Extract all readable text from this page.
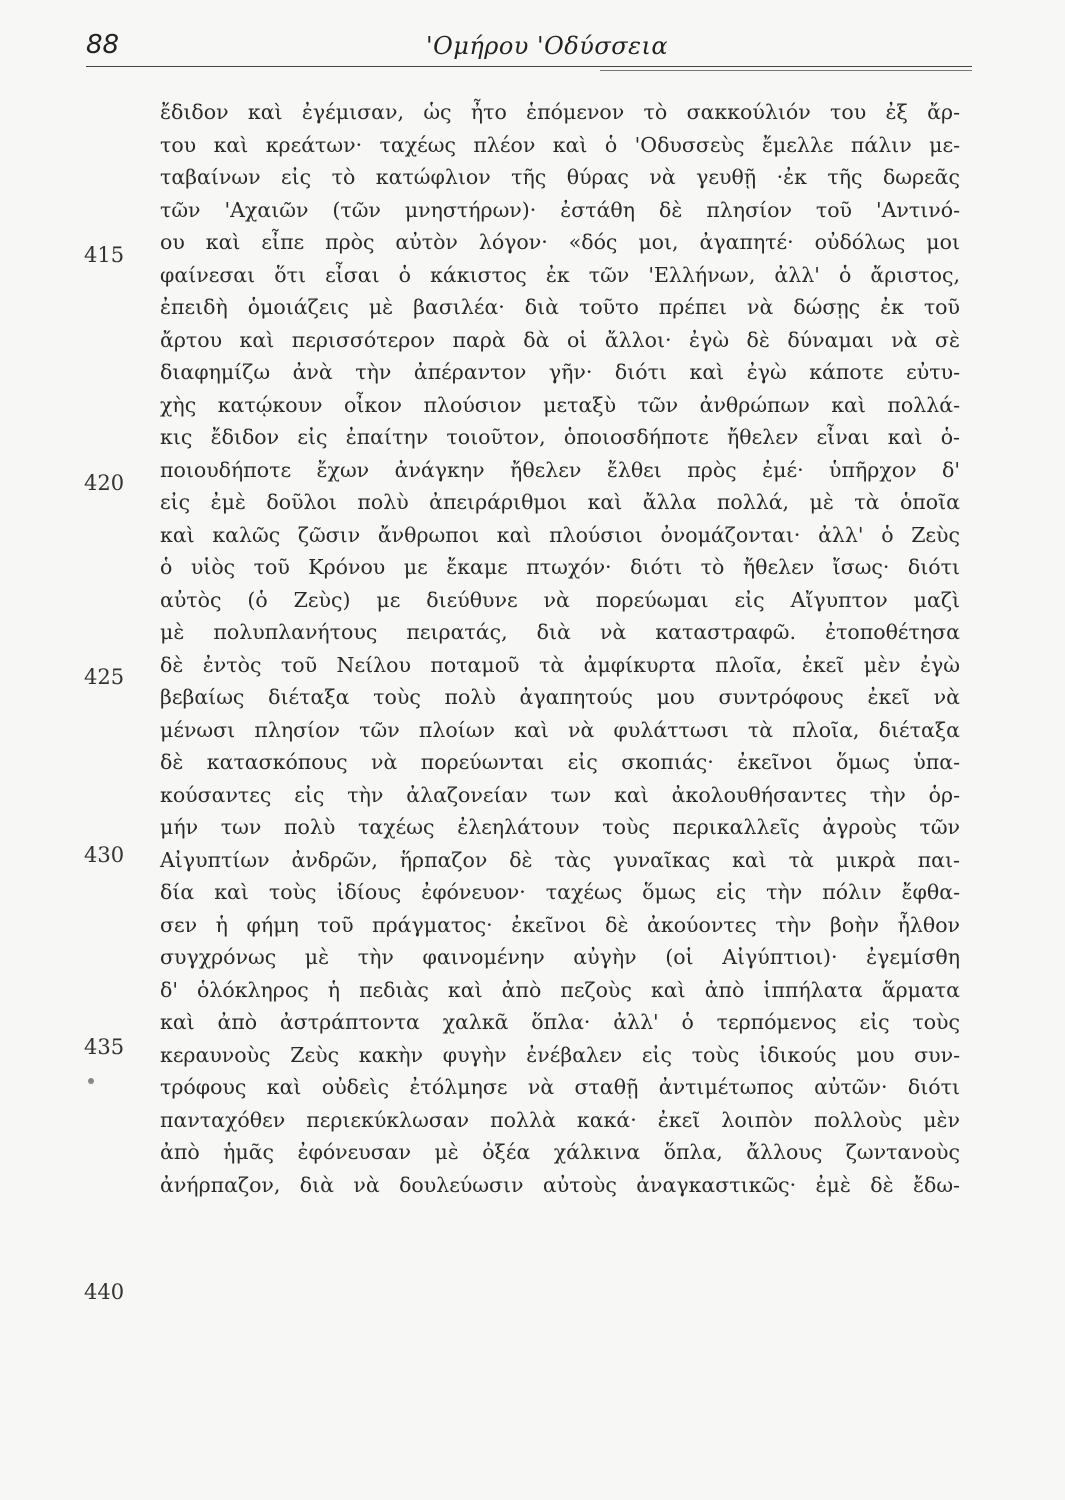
88	'Ομήρου 'Οδύσσεια
415
420
425
430
435
440
ἔδιδον καὶ ἐγέμισαν, ὡς ἦτο ἑπόμενον τὸ σακκούλιόν του ἐξ ἄρ-
του καὶ κρεάτων· ταχέως πλέον καὶ ὁ 'Οδυσσεὺς ἔμελλε πάλιν με-
ταβαίνων εἰς τὸ κατώφλιον τῆς θύρας νὰ γευθῇ ·ἐκ τῆς δωρεᾶς
τῶν 'Αχαιῶν (τῶν μνηστήρων)· ἐστάθη δὲ πλησίον τοῦ 'Αντινό-
ου καὶ εἶπε πρὸς αὐτὸν λόγον· «δός μοι, ἀγαπητέ· οὐδόλως μοι
φαίνεσαι ὅτι εἶσαι ὁ κάκιστος ἐκ τῶν 'Ελλήνων, ἀλλ' ὁ ἄριστος,
ἐπειδὴ ὁμοιάζεις μὲ βασιλέα· διὰ τοῦτο πρέπει νὰ δώσῃς ἐκ τοῦ
ἄρτου καὶ περισσότερον παρὰ δὰ οἱ ἄλλοι· ἐγὼ δὲ δύναμαι νὰ σὲ
διαφημίζω ἀνὰ τὴν ἀπέραντον γῆν· διότι καὶ ἐγὼ κάποτε εὐτυ-
χὴς κατῴκουν οἶκον πλούσιον μεταξὺ τῶν ἀνθρώπων καὶ πολλά-
κις ἔδιδον εἰς ἐπαίτην τοιοῦτον, ὁποιοσδήποτε ἤθελεν εἶναι καὶ ὁ-
ποιουδήποτε ἔχων ἀνάγκην ἤθελεν ἔλθει πρὸς ἐμέ· ὑπῆρχον δ'
εἰς ἐμὲ δοῦλοι πολὺ ἀπειράριθμοι καὶ ἄλλα πολλά, μὲ τὰ ὁποῖα
καὶ καλῶς ζῶσιν ἄνθρωποι καὶ πλούσιοι ὀνομάζονται· ἀλλ' ὁ Ζεὺς
ὁ υἱὸς τοῦ Κρόνου με ἔκαμε πτωχόν· διότι τὸ ἤθελεν ἴσως· διότι
αὐτὸς (ὁ Ζεὺς) με διεύθυνε νὰ πορεύωμαι εἰς Αἴγυπτον μαζὶ
μὲ πολυπλανήτους πειρατάς, διὰ νὰ καταστραφῶ. ἐτοποθέτησα
δὲ ἐντὸς τοῦ Νείλου ποταμοῦ τὰ ἀμφίκυρτα πλοῖα, ἐκεῖ μὲν ἐγὼ
βεβαίως διέταξα τοὺς πολὺ ἀγαπητούς μου συντρόφους ἐκεῖ νὰ
μένωσι πλησίον τῶν πλοίων καὶ νὰ φυλάττωσι τὰ πλοῖα, διέταξα
δὲ κατασκόπους νὰ πορεύωνται εἰς σκοπιάς· ἐκεῖνοι ὅμως ὑπα-
κούσαντες εἰς τὴν ἀλαζονείαν των καὶ ἀκολουθήσαντες τὴν ὁρ-
μήν των πολὺ ταχέως ἐλεηλάτουν τοὺς περικαλλεῖς ἀγροὺς τῶν
Αἰγυπτίων ἀνδρῶν, ἥρπαζον δὲ τὰς γυναῖκας καὶ τὰ μικρὰ παι-
δία καὶ τοὺς ἰδίους ἐφόνευον· ταχέως ὅμως εἰς τὴν πόλιν ἔφθα-
σεν ἡ φήμη τοῦ πράγματος· ἐκεῖνοι δὲ ἀκούοντες τὴν βοὴν ἦλθον
συγχρόνως μὲ τὴν φαινομένην αὐγὴν (οἱ Αἰγύπτιοι)· ἐγεμίσθη
δ' ὁλόκληρος ἡ πεδιὰς καὶ ἀπὸ πεζοὺς καὶ ἀπὸ ἱππήλατα ἅρματα
καὶ ἀπὸ ἀστράπτοντα χαλκᾶ ὅπλα· ἀλλ' ὁ τερπόμενος εἰς τοὺς
κεραυνοὺς Ζεὺς κακὴν φυγὴν ἐνέβαλεν εἰς τοὺς ἰδικούς μου συν-
τρόφους καὶ οὐδεὶς ἐτόλμησε νὰ σταθῇ ἀντιμέτωπος αὐτῶν· διότι
πανταχόθεν περιεκύκλωσαν πολλὰ κακά· ἐκεῖ λοιπὸν πολλοὺς μὲν
ἀπὸ ἡμᾶς ἐφόνευσαν μὲ ὀξέα χάλκινα ὅπλα, ἄλλους ζωντανοὺς
ἀνήρπαζον, διὰ νὰ δουλεύωσιν αὐτοὺς ἀναγκαστικῶς· ἐμὲ δὲ ἔδω-
